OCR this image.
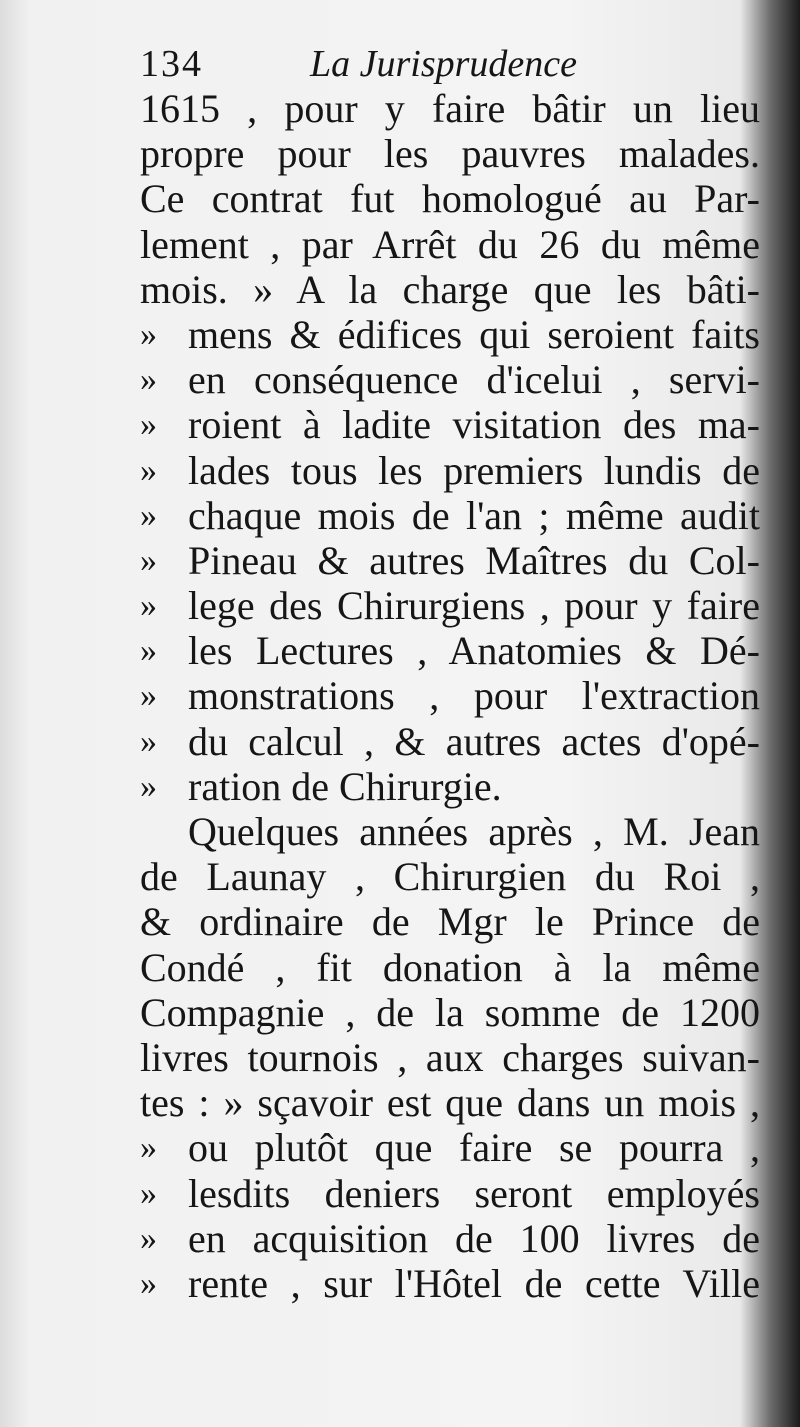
134	La Jurisprudence
1615 , pour y faire bâtir un lieu
propre pour les pauvres malades.
Ce contrat fut homologué au Par-
lement , par Arrêt du 26 du même
mois. » A la charge que les bâti-
» mens & édifices qui seroient faits
» en conséquence d'icelui , servi-
» roient à ladite visitation des ma-
» lades tous les premiers lundis de
» chaque mois de l'an ; même audit
» Pineau & autres Maîtres du Col-
» lege des Chirurgiens , pour y faire
» les Lectures , Anatomies & Dé-
» monstrations , pour l'extraction
» du calcul , & autres actes d'opé-
» ration de Chirurgie.
Quelques années après , M. Jean
de Launay , Chirurgien du Roi ,
& ordinaire de Mgr le Prince de
Condé , fit donation à la même
Compagnie , de la somme de 1200
livres tournois , aux charges suivan-
tes : » sçavoir est que dans un mois ,
» ou plutôt que faire se pourra ,
» lesdits deniers seront employés
» en acquisition de 100 livres de
» rente , sur l'Hôtel de cette Ville
